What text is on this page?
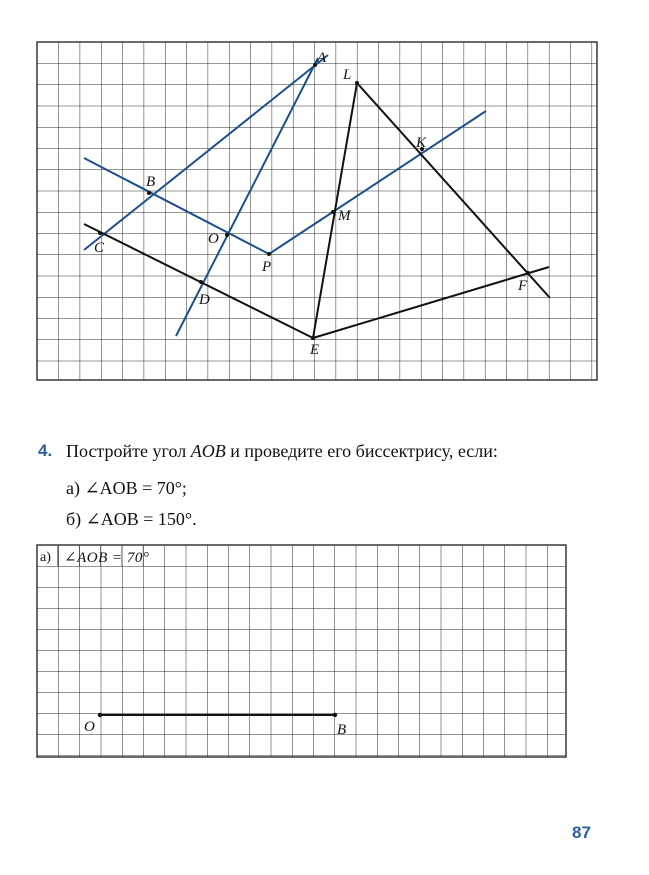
A
B
C
D
E
F
K
L
M
O
P
4. Постройте угол AOB и проведите его биссектрису, если:
а) ∠AOB = 70°;
б) ∠AOB = 150°.
а) ∠AOB = 70°
O	B
87
